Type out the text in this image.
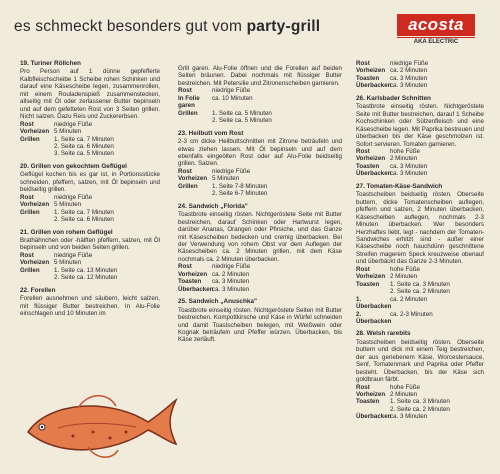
es schmeckt besonders gut vom party-grill	acosta
AKA ELECTRIC
19. Turiner Röllchen
Pro Person auf 1 dünne gepfefferte Kalbfleischscheibe 1 Scheibe rohen Schinken und darauf eine Käsescheibe legen, zusammenrollen, mit einem Rouladenspieß zusammenstecken, allseitig mit Öl oder zerlassener Butter bepinseln und auf dem gefetteten Rost von 3 Seiten grillen. Nicht salzen. Dazu Reis und Zuckererbsen.
Rost	niedrige Füße
Vorheizen 5 Minuten
Grillen	1. Seite ca. 7 Minuten
2. Seite ca. 6 Minuten
3. Seite ca. 5 Minuten
20. Grillen von gekochtem Geflügel
Geflügel kochen bis es gar ist, in Portionsstücke schneiden, pfeffern, salzen, mit Öl bepinseln und beidseitig grillen.
Rost	niedrige Füße
Vorheizen 5 Minuten
Grillen	1. Seite ca. 7 Minuten
2. Seite ca. 6 Minuten
21. Grillen von rohem Geflügel
Brathähnchen oder -hälften pfeffern, salzen, mit Öl bepinseln und von beiden Seiten grillen.
Rost	niedrige Füße
Vorheizen 5 Minuten
Grillen	1. Seite ca. 13 Minuten
2. Seite ca. 12 Minuten
22. Forellen
Forellen ausnehmen und säubern, leicht salzen, mit flüssiger Butter bestreichen. In Alu-Folie einschlagen und 10 Minuten im
Grill garen. Alu-Folie öffnen und die Forellen auf beiden Seiten bräunen. Dabei nochmals mit flüssiger Butter bestreichen. Mit Petersilie und Zitronenscheiben garnieren.
Rost	niedrige Füße
In Folie garen
ca. 10 Minuten
Grillen	1. Seite ca. 5 Minuten
2. Seite ca. 5 Minuten
23. Heilbutt vom Rost
2-3 cm dicke Heilbuttschnitten mit Zitrone beträufeln und etwas ziehen lassen. Mit Öl bepinseln und auf dem ebenfalls eingeölten Rost oder auf Alu-Folie beidseitig grillen. Salzen.
Rost	niedrige Füße
Vorheizen 5 Minuten
Grillen	1. Seite 7-8 Minuten
2. Seite 6-7 Minuten
24. Sandwich „Florida"
Toastbrote einseitig rösten. Nichtgeröstete Seite mit Butter bestreichen, darauf Schinken oder Hartwurst legen, darüber Ananas, Orangen oder Pfirsiche, und das Ganze mit Käsescheiben bedecken und cremig überbacken. Bei der Verwendung von rohem Obst vor dem Auflegen der Käsescheiben ca. 2 Minuten grillen, mit dem Käse nochmals ca. 2 Minuten überbacken.
Rost	niedrige Füße
Vorheizen ca. 2 Minuten
Toasten	ca. 3 Minuten
Überbacken
ca. 3 Minuten
25. Sandwich „Anuschka"
Toastbrote einseitig rösten. Nichtgeröstete Seiten mit Butter bestreichen. Kompottkirsche und Käse in Würfel schneiden und damit Toastscheiben belegen, mit Weißwein oder Kognak beträufeln und Pfeffer würzen. Überbacken, bis Käse zerläuft.
Rost	niedrige Füße
Vorheizen ca. 2 Minuten
Toasten	ca. 3 Minuten
Überbacken
ca. 3 Minuten
26. Karlsbader Schnitten
Toastbrote einseitig rösten. Nichtgeröstete Seite mit Butter bestreichen, darauf 1 Scheibe Kochschinken oder Sülzenfleisch und eine Käsescheibe legen. Mit Paprika bestreuen und überbacken bis der Käse geschmolzen ist. Sofort servieren. Tomaten garnieren.
Rost	hohe Füße
Vorheizen 2 Minuten
Toasten	ca. 3 Minuten
Überbacken
ca. 3 Minuten
27. Tomaten-Käse-Sandwich
Toastscheiben beidseitig rösten. Oberseite buttern, dicke Tomatenscheiben auflegen, pfeffern und salzen, 2 Minuten überbacken, Käsescheiben auflegen, nochmals 2-3 Minuten überbacken. Wer besonders Herzhaftes liebt, legt - nachdem der Tomaten-Sandwiches erhitzt sind - außer einer Käsescheibe noch hauchdünn geschnittene Streifen magerem Speck kreuzweise obenauf und überbäckt das Ganze 2-3 Minuten.
Rost	hohe Füße
Vorheizen 2 Minuten
Toasten	1. Seite ca. 3 Minuten
2. Seite ca. 2 Minuten
1. Überbacken
ca. 2 Minuten
2. Überbacken
ca. 2-3 Minuten
28. Welsh rarebits
Toastscheiben beidseitig rösten. Oberseite buttern und dick mit einem Teig bestreichen, der aus geriebenem Käse, Worcestersauce, Senf, Tomatenmark und Paprika oder Pfeffer besteht. Überbacken, bis der Käse sich goldbraun färbt.
Rost	hohe Füße
Vorheizen 2 Minuten
Toasten	1. Seite ca. 3 Minuten
2. Seite ca. 2 Minuten
Überbacken
ca. 3 Minuten
